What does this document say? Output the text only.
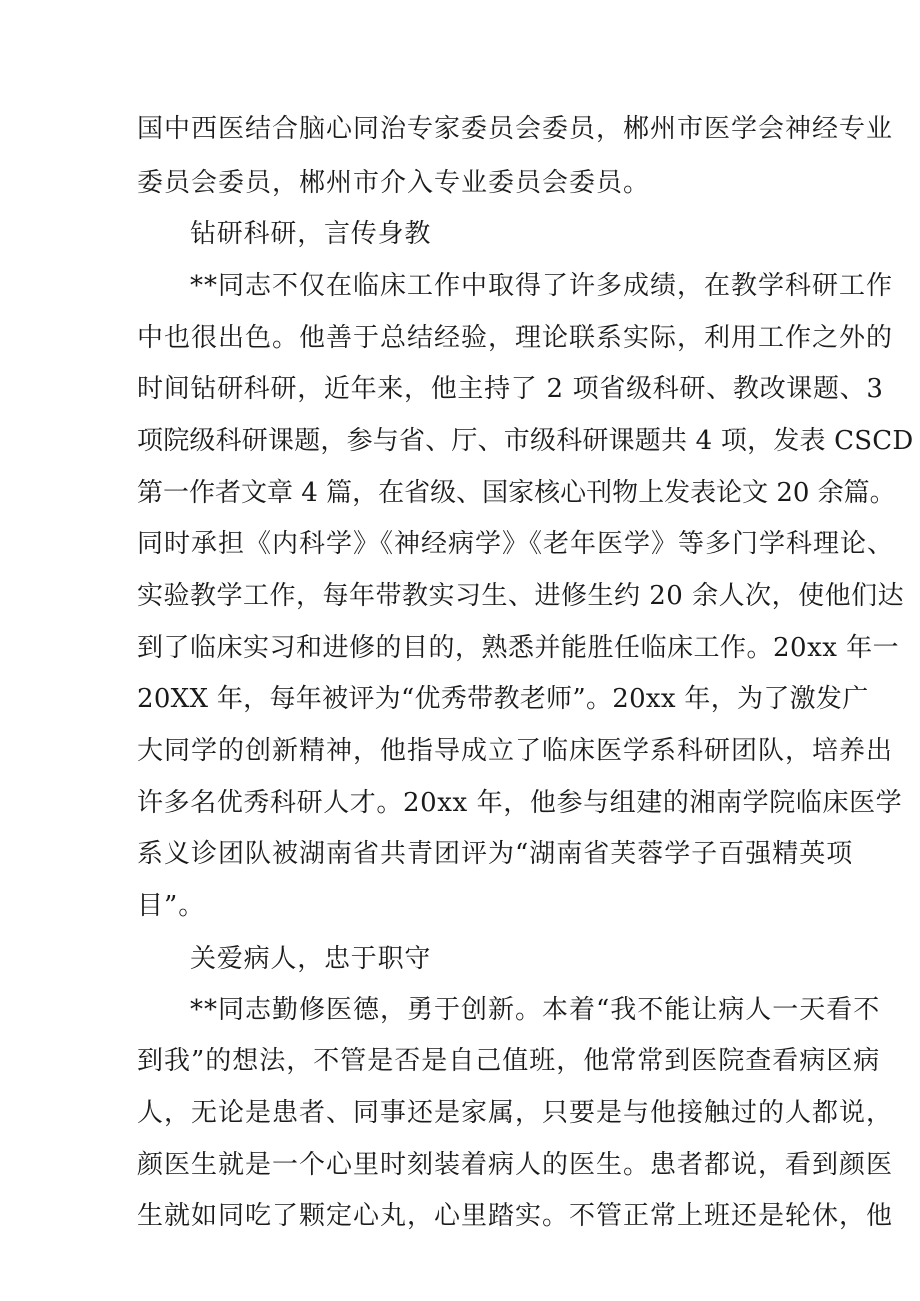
国中西医结合脑心同治专家委员会委员，郴州市医学会神经专业
委员会委员，郴州市介入专业委员会委员。
钻研科研，言传身教
**同志不仅在临床工作中取得了许多成绩，在教学科研工作
中也很出色。他善于总结经验，理论联系实际，利用工作之外的
时间钻研科研，近年来，他主持了 2 项省级科研、教改课题、3
项院级科研课题，参与省、厅、市级科研课题共 4 项，发表 CSCD
第一作者文章 4 篇，在省级、国家核心刊物上发表论文 20 余篇。
同时承担《内科学》《神经病学》《老年医学》等多门学科理论、
实验教学工作，每年带教实习生、进修生约 20 余人次，使他们达
到了临床实习和进修的目的，熟悉并能胜任临床工作。20xx 年一
20XX 年，每年被评为“优秀带教老师”。20xx 年，为了激发广
大同学的创新精神，他指导成立了临床医学系科研团队，培养出
许多名优秀科研人才。20xx 年，他参与组建的湘南学院临床医学
系义诊团队被湖南省共青团评为“湖南省芙蓉学子百强精英项
目”。
关爱病人，忠于职守
**同志勤修医德，勇于创新。本着“我不能让病人一天看不
到我”的想法，不管是否是自己值班，他常常到医院查看病区病
人，无论是患者、同事还是家属，只要是与他接触过的人都说，
颜医生就是一个心里时刻装着病人的医生。患者都说，看到颜医
生就如同吃了颗定心丸，心里踏实。不管正常上班还是轮休，他
